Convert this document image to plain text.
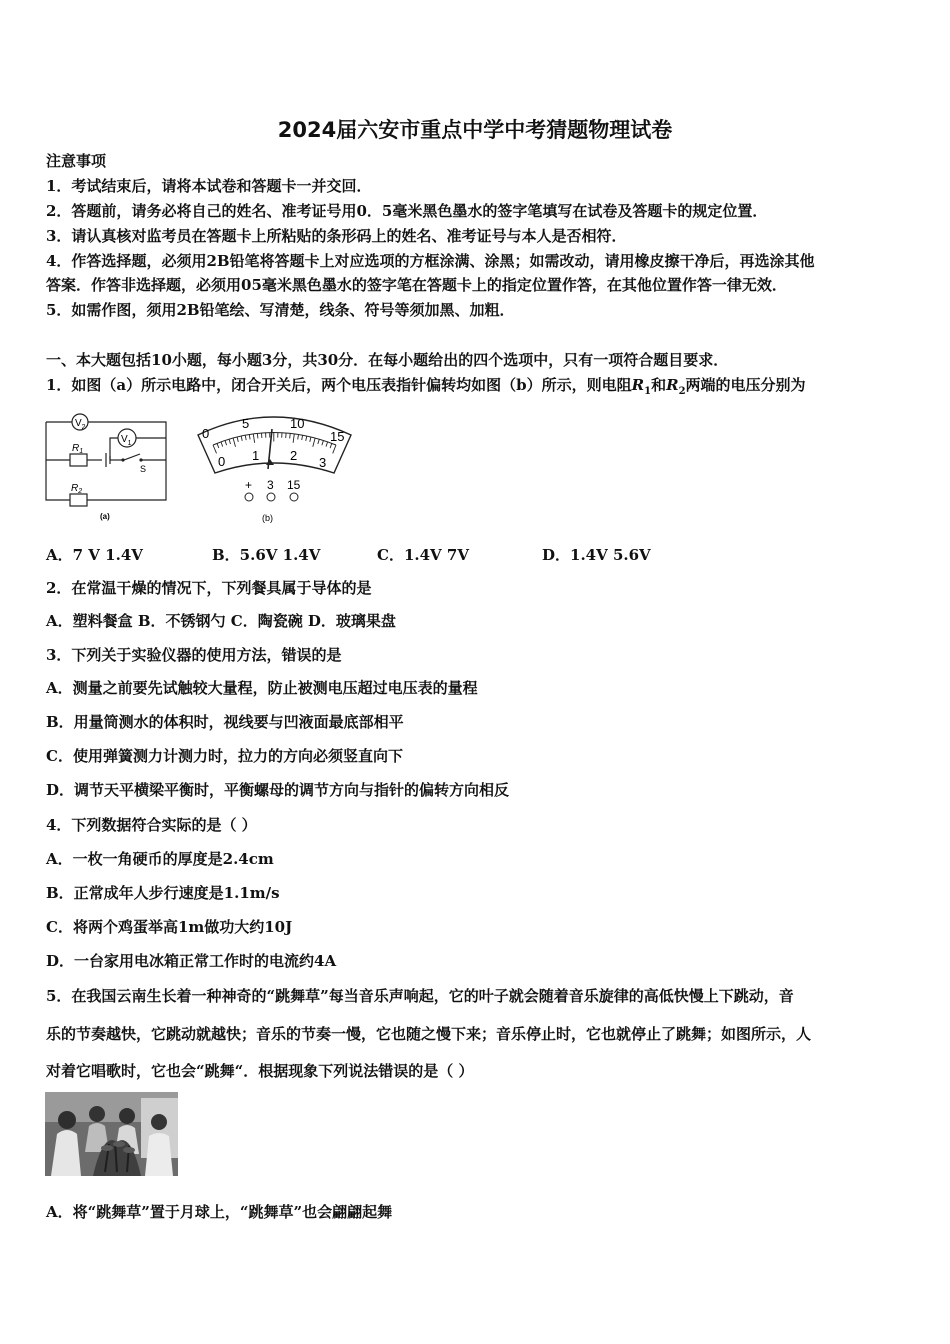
2024届六安市重点中学中考猜题物理试卷
注意事项
1．考试结束后，请将本试卷和答题卡一并交回．
2．答题前，请务必将自己的姓名、准考证号用0．5毫米黑色墨水的签字笔填写在试卷及答题卡的规定位置．
3．请认真核对监考员在答题卡上所粘贴的条形码上的姓名、准考证号与本人是否相符．
4．作答选择题，必须用2B铅笔将答题卡上对应选项的方框涂满、涂黑；如需改动，请用橡皮擦干净后，再选涂其他
答案．作答非选择题，必须用05毫米黑色墨水的签字笔在答题卡上的指定位置作答，在其他位置作答一律无效．
5．如需作图，须用2B铅笔绘、写清楚，线条、符号等须加黑、加粗．
一、本大题包括10小题，每小题3分，共30分．在每小题给出的四个选项中，只有一项符合题目要求．
1．如图（a）所示电路中，闭合开关后，两个电压表指针偏转均如图（b）所示，则电阻$R_1$和$R_2$两端的电压分别为
$V_2$
$V_1$
$R_1$
$R_2$
S
(a)
0
5	10
15
0 1 2 3
+ 3 15
(b)
A．7 V 1.4V	B．5.6V 1.4V	C．1.4V 7V	D．1.4V 5.6V
2．在常温干燥的情况下，下列餐具属于导体的是
A．塑料餐盒 B．不锈钢勺 C．陶瓷碗 D．玻璃果盘
3．下列关于实验仪器的使用方法，错误的是
A．测量之前要先试触较大量程，防止被测电压超过电压表的量程
B．用量筒测水的体积时，视线要与凹液面最底部相平
C．使用弹簧测力计测力时，拉力的方向必须竖直向下
D．调节天平横梁平衡时，平衡螺母的调节方向与指针的偏转方向相反
4．下列数据符合实际的是（ ）
A．一枚一角硬币的厚度是2.4cm
B．正常成年人步行速度是1.1m/s
C．将两个鸡蛋举高1m做功大约10J
D．一台家用电冰箱正常工作时的电流约4A
5．在我国云南生长着一种神奇的“跳舞草”每当音乐声响起，它的叶子就会随着音乐旋律的高低快慢上下跳动，音
乐的节奏越快，它跳动就越快；音乐的节奏一慢，它也随之慢下来；音乐停止时，它也就停止了跳舞；如图所示，人
对着它唱歌时，它也会“跳舞“．根据现象下列说法错误的是（ ）
A．将“跳舞草”置于月球上，“跳舞草”也会翩翩起舞
